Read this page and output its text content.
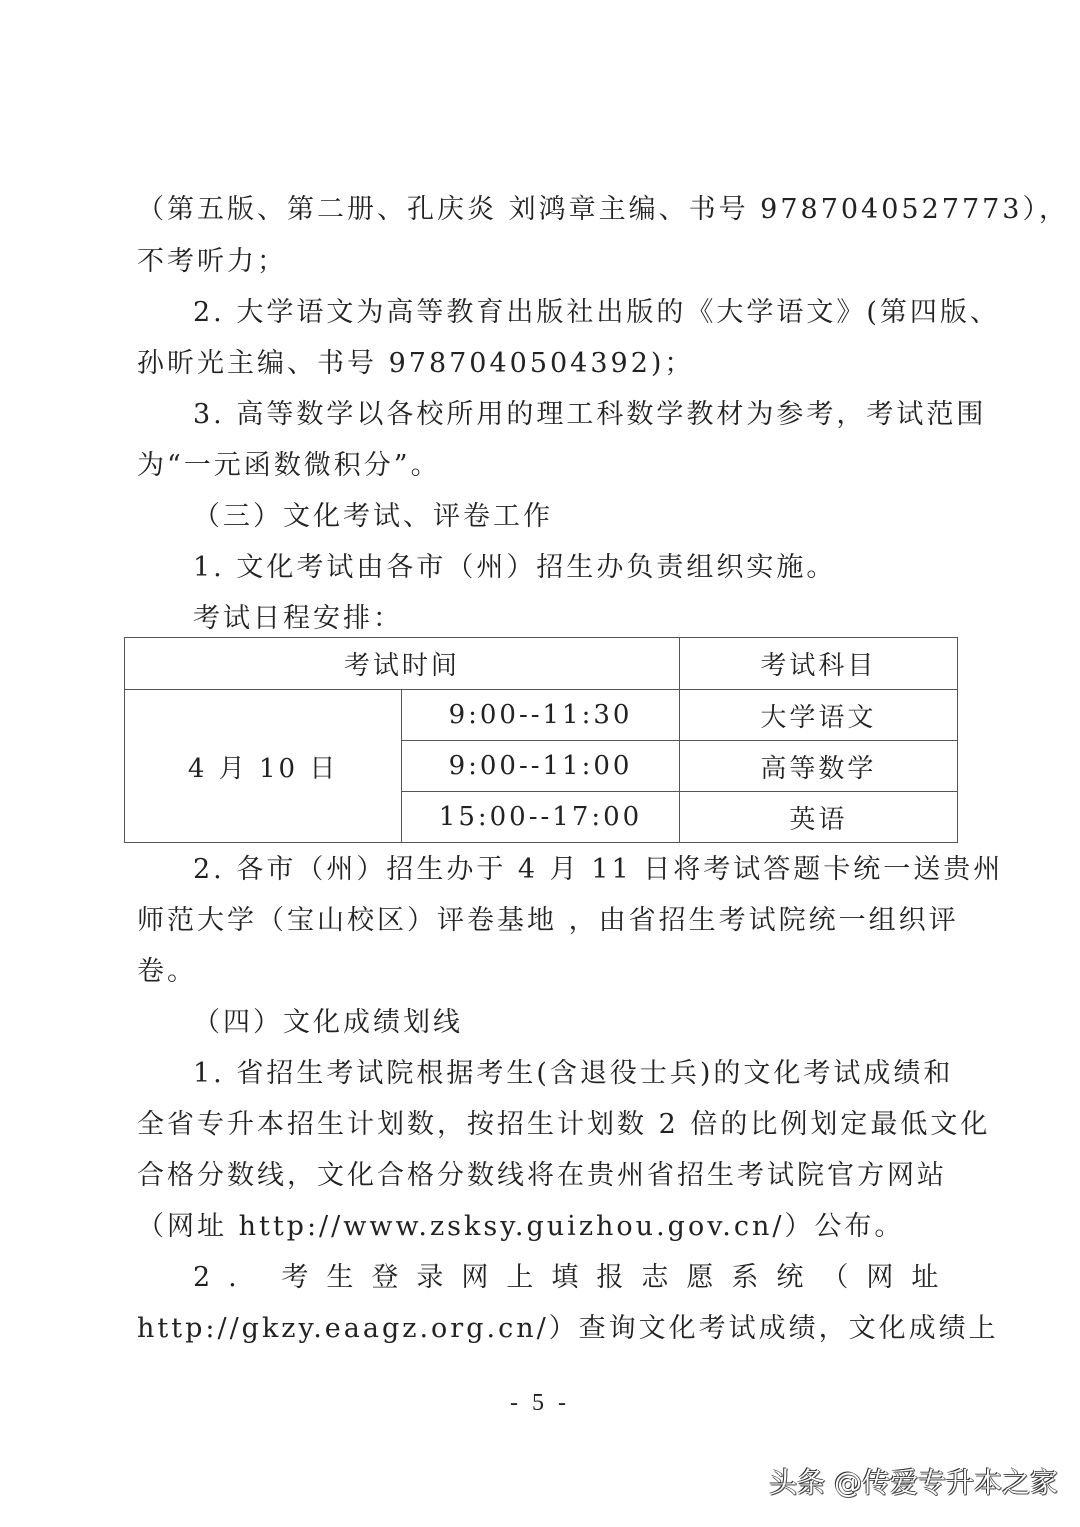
（第五版、第二册、孔庆炎 刘鸿章主编、书号 9787040527773），
不考听力；
2. 大学语文为高等教育出版社出版的《大学语文》(第四版、
孙昕光主编、书号 9787040504392)；
3. 高等数学以各校所用的理工科数学教材为参考，考试范围
为“一元函数微积分”。
（三）文化考试、评卷工作
1. 文化考试由各市（州）招生办负责组织实施。
考试日程安排：
考试时间		考试科目
4 月 10 日	9:00--11:30	大学语文
	9:00--11:00	高等数学
	15:00--17:00	英语
2. 各市（州）招生办于 4 月 11 日将考试答题卡统一送贵州
师范大学（宝山校区）评卷基地 ，由省招生考试院统一组织评
卷。
（四）文化成绩划线
1. 省招生考试院根据考生(含退役士兵)的文化考试成绩和
全省专升本招生计划数，按招生计划数 2 倍的比例划定最低文化
合格分数线，文化合格分数线将在贵州省招生考试院官方网站
（网址 http://www.zsksy.guizhou.gov.cn/）公布。
2. 考生登录网上填报志愿系统（网址
http://gkzy.eaagz.org.cn/）查询文化考试成绩，文化成绩上
- 5 -
头条 @传爱专升本之家
